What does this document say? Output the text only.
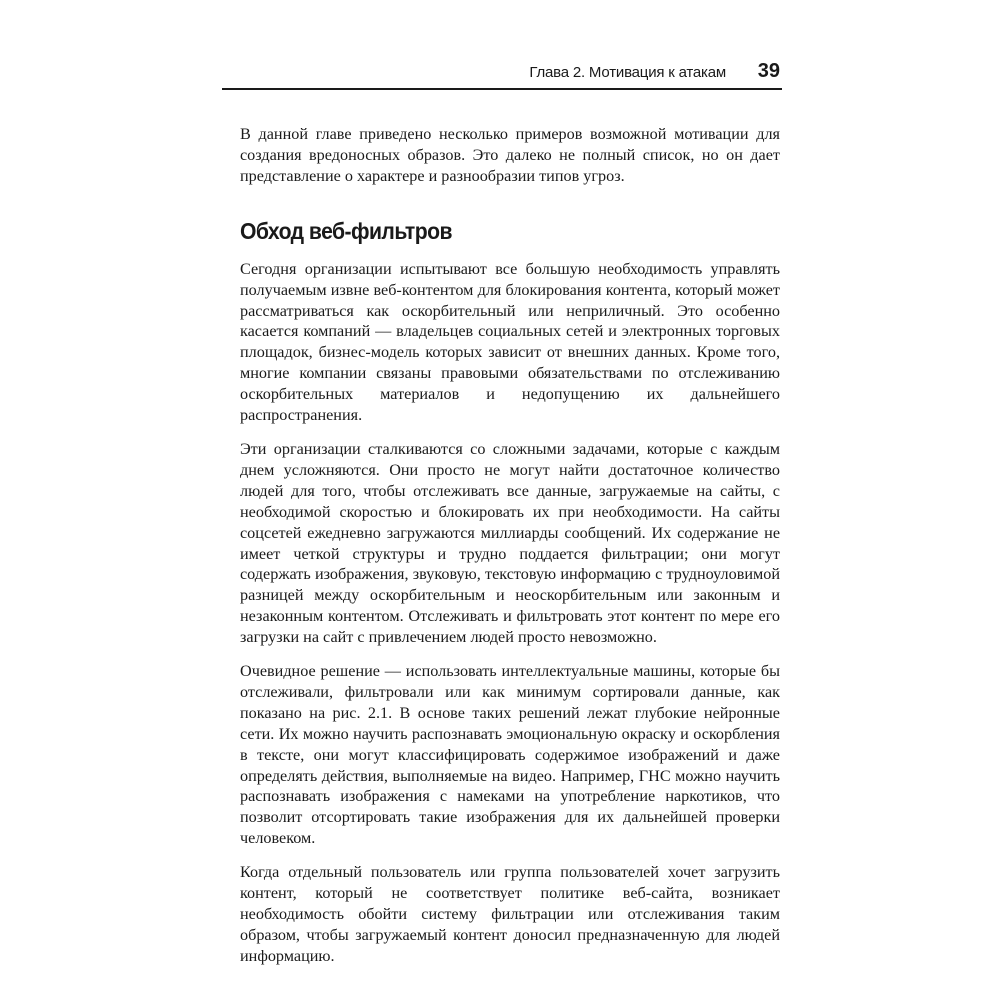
Глава 2. Мотивация к атакам 39

В данной главе приведено несколько примеров возможной мотивации для создания вредоносных образов. Это далеко не полный список, но он дает представление о характере и разнообразии типов угроз.

Обход веб-фильтров

Сегодня организации испытывают все большую необходимость управлять получаемым извне веб-контентом для блокирования контента, который может рассматриваться как оскорбительный или неприличный. Это особенно касается компаний — владельцев социальных сетей и электронных торговых площадок, бизнес-модель которых зависит от внешних данных. Кроме того, многие компании связаны правовыми обязательствами по отслеживанию оскорбительных материалов и недопущению их дальнейшего распространения.

Эти организации сталкиваются со сложными задачами, которые с каждым днем усложняются. Они просто не могут найти достаточное количество людей для того, чтобы отслеживать все данные, загружаемые на сайты, с необходимой скоростью и блокировать их при необходимости. На сайты соцсетей ежедневно загружаются миллиарды сообщений. Их содержание не имеет четкой структуры и трудно поддается фильтрации; они могут содержать изображения, звуковую, текстовую информацию с трудноуловимой разницей между оскорбительным и неоскорбительным или законным и незаконным контентом. Отслеживать и фильтровать этот контент по мере его загрузки на сайт с привлечением людей просто невозможно.

Очевидное решение — использовать интеллектуальные машины, которые бы отслеживали, фильтровали или как минимум сортировали данные, как показано на рис. 2.1. В основе таких решений лежат глубокие нейронные сети. Их можно научить распознавать эмоциональную окраску и оскорбления в тексте, они могут классифицировать содержимое изображений и даже определять действия, выполняемые на видео. Например, ГНС можно научить распознавать изображения с намеками на употребление наркотиков, что позволит отсортировать такие изображения для их дальнейшей проверки человеком.

Когда отдельный пользователь или группа пользователей хочет загрузить контент, который не соответствует политике веб-сайта, возникает необходимость обойти систему фильтрации или отслеживания таким образом, чтобы загружаемый контент доносил предназначенную для людей информацию.
